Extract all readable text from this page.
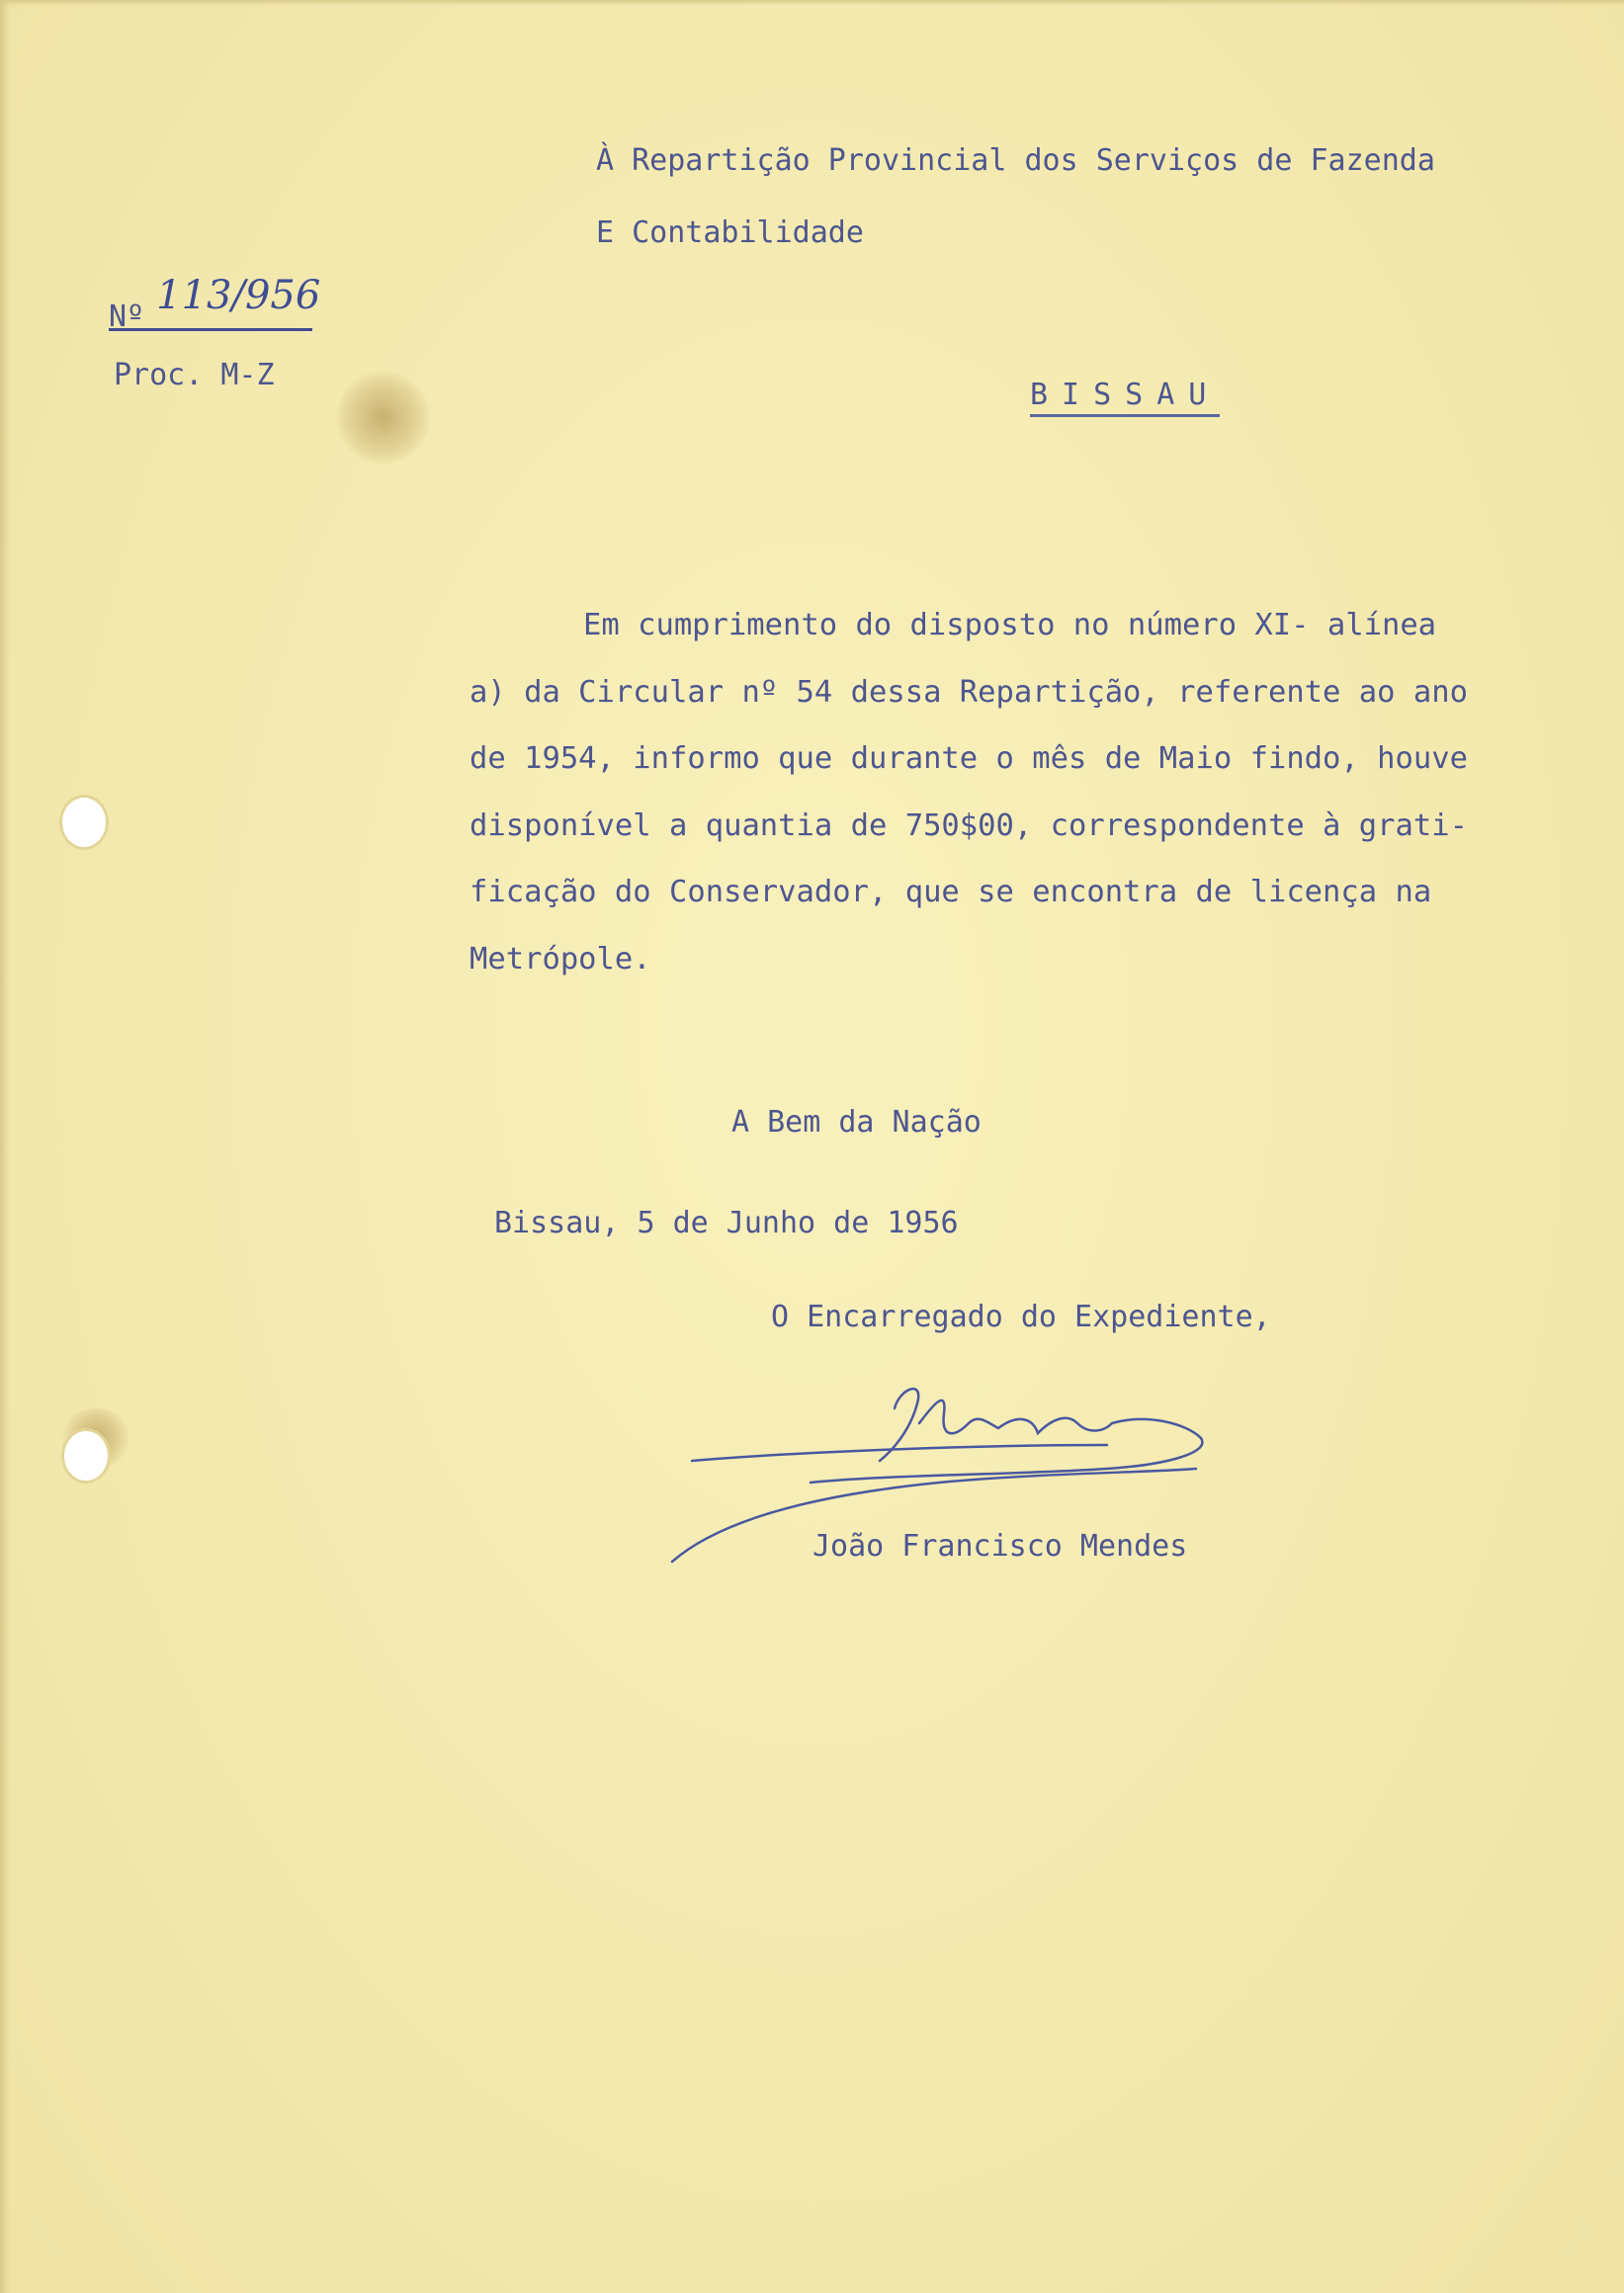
À Repartição Provincial dos Serviços de Fazenda

E Contabilidade

Nº 113/956

Proc. M-Z

BISSAU

Em cumprimento do disposto no número XI- alínea

a) da Circular nº 54 dessa Repartição, referente ao ano

de 1954, informo que durante o mês de Maio findo, houve

disponível a quantia de 750$00, correspondente à grati-

ficação do Conservador, que se encontra de licença na

Metrópole.

A Bem da Nação

Bissau, 5 de Junho de 1956

O Encarregado do Expediente,

João Francisco Mendes
